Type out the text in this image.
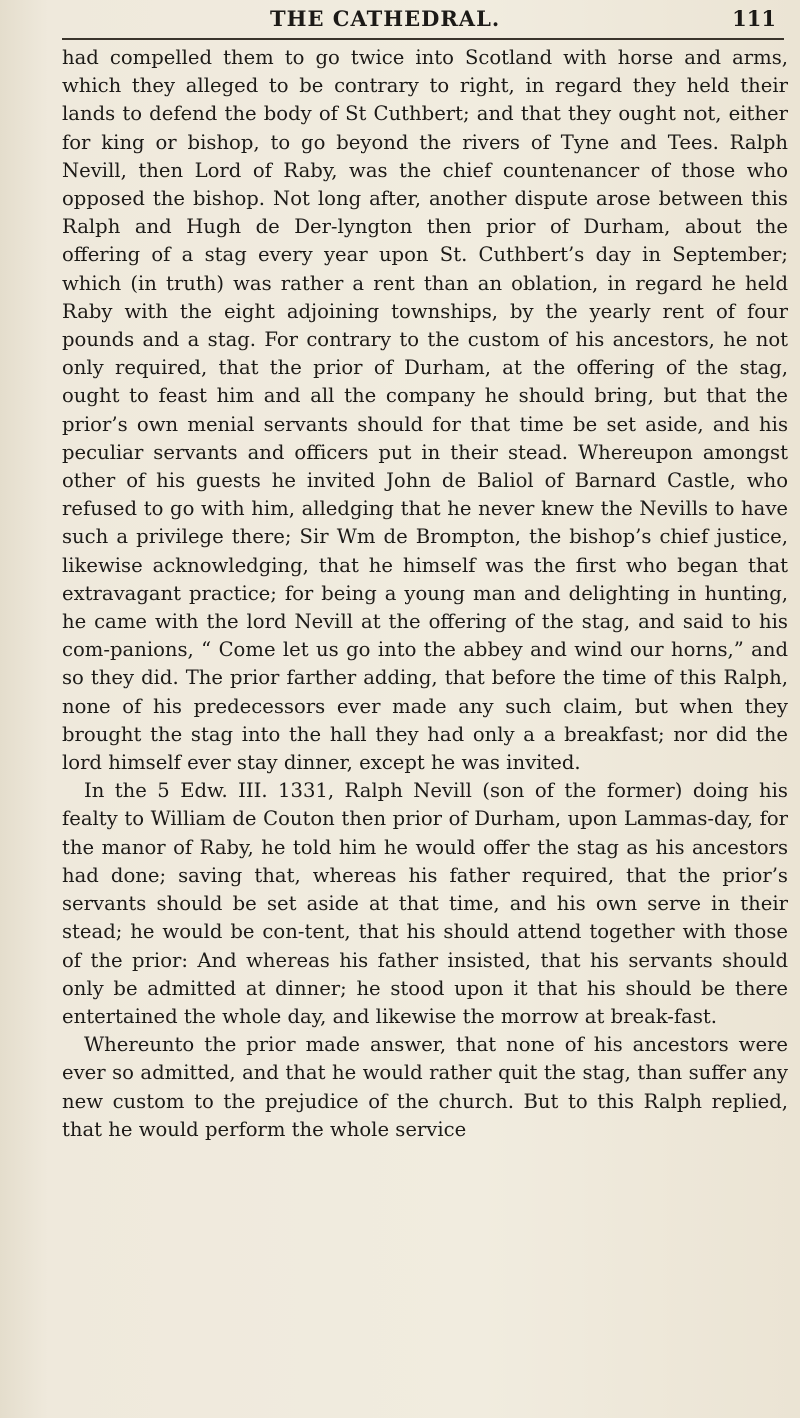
THE CATHEDRAL.	111

had compelled them to go twice into Scotland with horse and arms, which they alleged to be contrary to right, in regard they held their lands to defend the body of St Cuthbert; and that they ought not, either for king or bishop, to go beyond the rivers of Tyne and Tees. Ralph Nevill, then Lord of Raby, was the chief countenancer of those who opposed the bishop. Not long after, another dispute arose between this Ralph and Hugh de Der-lyngton then prior of Durham, about the offering of a stag every year upon St. Cuthbert’s day in September; which (in truth) was rather a rent than an oblation, in regard he held Raby with the eight adjoining townships, by the yearly rent of four pounds and a stag. For contrary to the custom of his ancestors, he not only required, that the prior of Durham, at the offering of the stag, ought to feast him and all the company he should bring, but that the prior’s own menial servants should for that time be set aside, and his peculiar servants and officers put in their stead. Whereupon amongst other of his guests he invited John de Baliol of Barnard Castle, who refused to go with him, alledging that he never knew the Nevills to have such a privilege there; Sir Wm de Brompton, the bishop’s chief justice, likewise acknowledging, that he himself was the first who began that extravagant practice; for being a young man and delighting in hunting, he came with the lord Nevill at the offering of the stag, and said to his com-panions, “ Come let us go into the abbey and wind our horns,” and so they did. The prior farther adding, that before the time of this Ralph, none of his predecessors ever made any such claim, but when they brought the stag into the hall they had only a a breakfast; nor did the lord himself ever stay dinner, except he was invited.

In the 5 Edw. III. 1331, Ralph Nevill (son of the former) doing his fealty to William de Couton then prior of Durham, upon Lammas-day, for the manor of Raby, he told him he would offer the stag as his ancestors had done; saving that, whereas his father required, that the prior’s servants should be set aside at that time, and his own serve in their stead; he would be con-tent, that his should attend together with those of the prior: And whereas his father insisted, that his servants should only be admitted at dinner; he stood upon it that his should be there entertained the whole day, and likewise the morrow at break-fast.

Whereunto the prior made answer, that none of his ancestors were ever so admitted, and that he would rather quit the stag, than suffer any new custom to the prejudice of the church. But to this Ralph replied, that he would perform the whole service
